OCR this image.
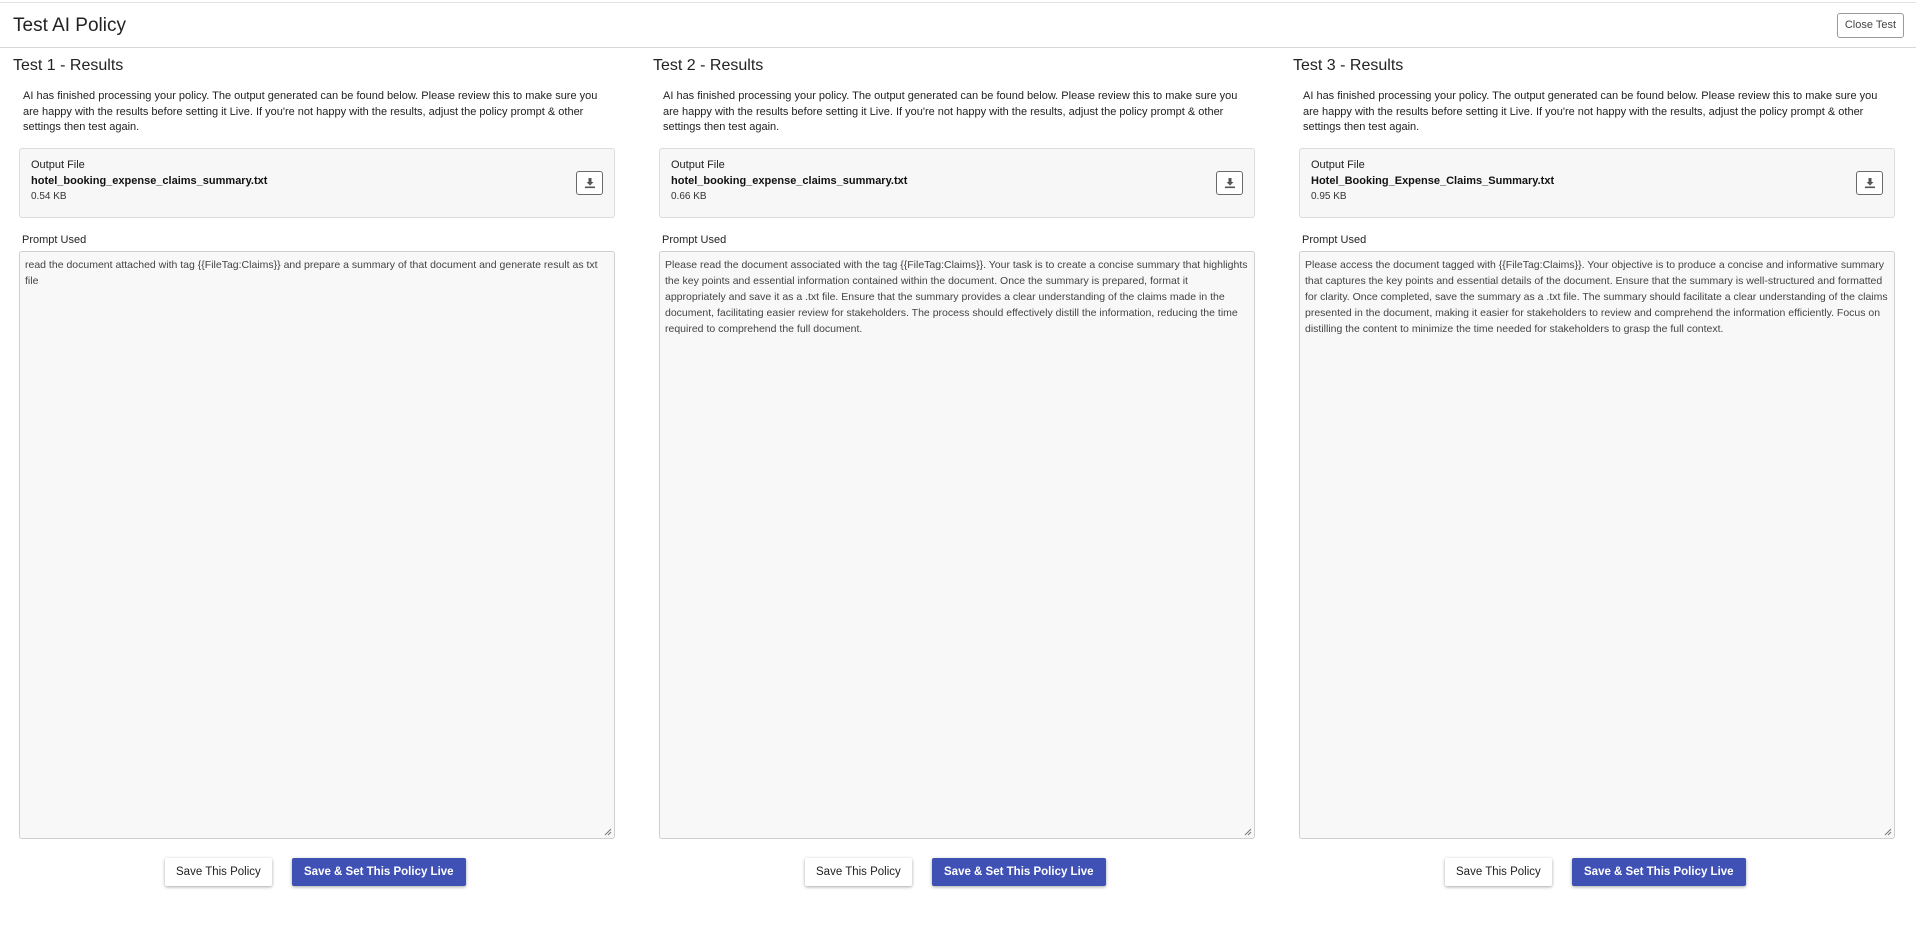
Test AI Policy	Close Test
Test 1 - Results
AI has finished processing your policy. The output generated can be found below. Please review this to make sure you are happy with the results before setting it Live. If you're not happy with the results, adjust the policy prompt & other settings then test again.
Output File
hotel_booking_expense_claims_summary.txt
0.54 KB
Prompt Used
read the document attached with tag {{FileTag:Claims}} and prepare a summary of that document and generate result as txt file
Save This Policy	Save & Set This Policy Live
Test 2 - Results
AI has finished processing your policy. The output generated can be found below. Please review this to make sure you are happy with the results before setting it Live. If you're not happy with the results, adjust the policy prompt & other settings then test again.
Output File
hotel_booking_expense_claims_summary.txt
0.66 KB
Prompt Used
Please read the document associated with the tag {{FileTag:Claims}}. Your task is to create a concise summary that highlights the key points and essential information contained within the document. Once the summary is prepared, format it appropriately and save it as a .txt file. Ensure that the summary provides a clear understanding of the claims made in the document, facilitating easier review for stakeholders. The process should effectively distill the information, reducing the time required to comprehend the full document.
Save This Policy	Save & Set This Policy Live
Test 3 - Results
AI has finished processing your policy. The output generated can be found below. Please review this to make sure you are happy with the results before setting it Live. If you're not happy with the results, adjust the policy prompt & other settings then test again.
Output File
Hotel_Booking_Expense_Claims_Summary.txt
0.95 KB
Prompt Used
Please access the document tagged with {{FileTag:Claims}}. Your objective is to produce a concise and informative summary that captures the key points and essential details of the document. Ensure that the summary is well-structured and formatted for clarity. Once completed, save the summary as a .txt file. The summary should facilitate a clear understanding of the claims presented in the document, making it easier for stakeholders to review and comprehend the information efficiently. Focus on distilling the content to minimize the time needed for stakeholders to grasp the full context.
Save This Policy	Save & Set This Policy Live
